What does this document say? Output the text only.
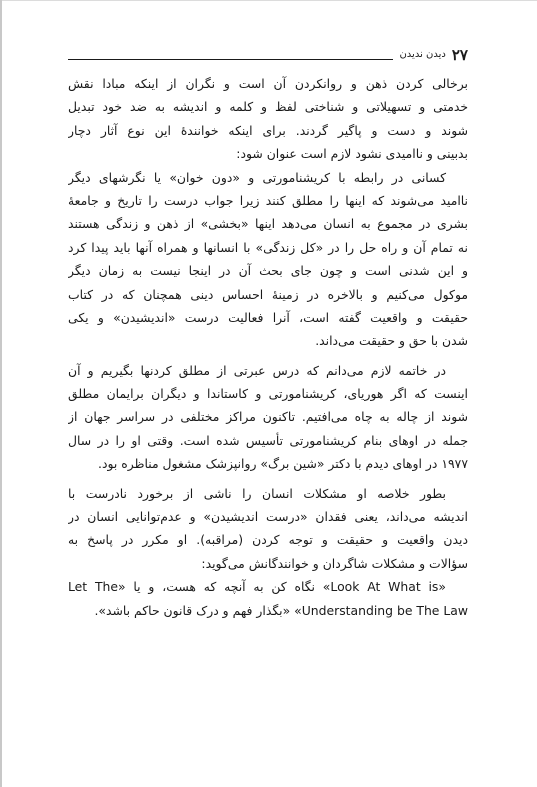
۲۷
دیدن ندیدن
برخالی کردن ذهن و روانکردن آن است و نگران از اینکه مبادا نقش
خدمتی و تسهیلاتی و شناختی لفظ و کلمه و اندیشه به ضد خود تبدیل
شوند و دست و پاگیر گردند. برای اینکه خوانندهٔ این نوع آثار دچار
بدبینی و ناامیدی نشود لازم است عنوان شود:
کسانی در رابطه با کریشنامورتی و «دون خوان» یا نگرشهای دیگر
ناامید می‌شوند که اینها را مطلق کنند زیرا جواب درست را تاریخ و جامعهٔ
بشری در مجموع به انسان می‌دهد اینها «بخشی» از ذهن و زندگی هستند
نه تمام آن و راه حل را در «کل زندگی» با انسانها و همراه آنها باید پیدا کرد
و این شدنی است و چون جای بحث آن در اینجا نیست به زمان دیگر
موکول می‌کنیم و بالاخره در زمینهٔ احساس دینی همچنان که در کتاب
حقیقت و واقعیت گفته است، آنرا فعالیت درست «اندیشیدن» و یکی
شدن با حق و حقیقت می‌داند.
در خاتمه لازم می‌دانم که درس عبرتی از مطلق کردنها بگیریم و آن
اینست که اگر هوریای، کریشنامورتی و کاستاندا و دیگران برایمان مطلق
شوند از چاله به چاه می‌افتیم. تاکنون مراکز مختلفی در سراسر جهان از
جمله در اوهای بنام کریشنامورتی تأسیس شده است. وقتی او را در سال
۱۹۷۷ در اوهای دیدم با دکتر «شین برگ» روانپزشک مشغول مناظره بود.
بطور خلاصه او مشکلات انسان را ناشی از برخورد نادرست با
اندیشه می‌داند، یعنی فقدان «درست اندیشیدن» و عدم‌توانایی انسان در
دیدن واقعیت و حقیقت و توجه کردن (مراقبه). او مکرر در پاسخ به
سؤالات و مشکلات شاگردان و خوانندگانش می‌گوید:
«Look At What is» نگاه کن به آنچه که هست، و یا «Let The
Understanding be The Law» «بگذار فهم و درک قانون حاکم باشد».
